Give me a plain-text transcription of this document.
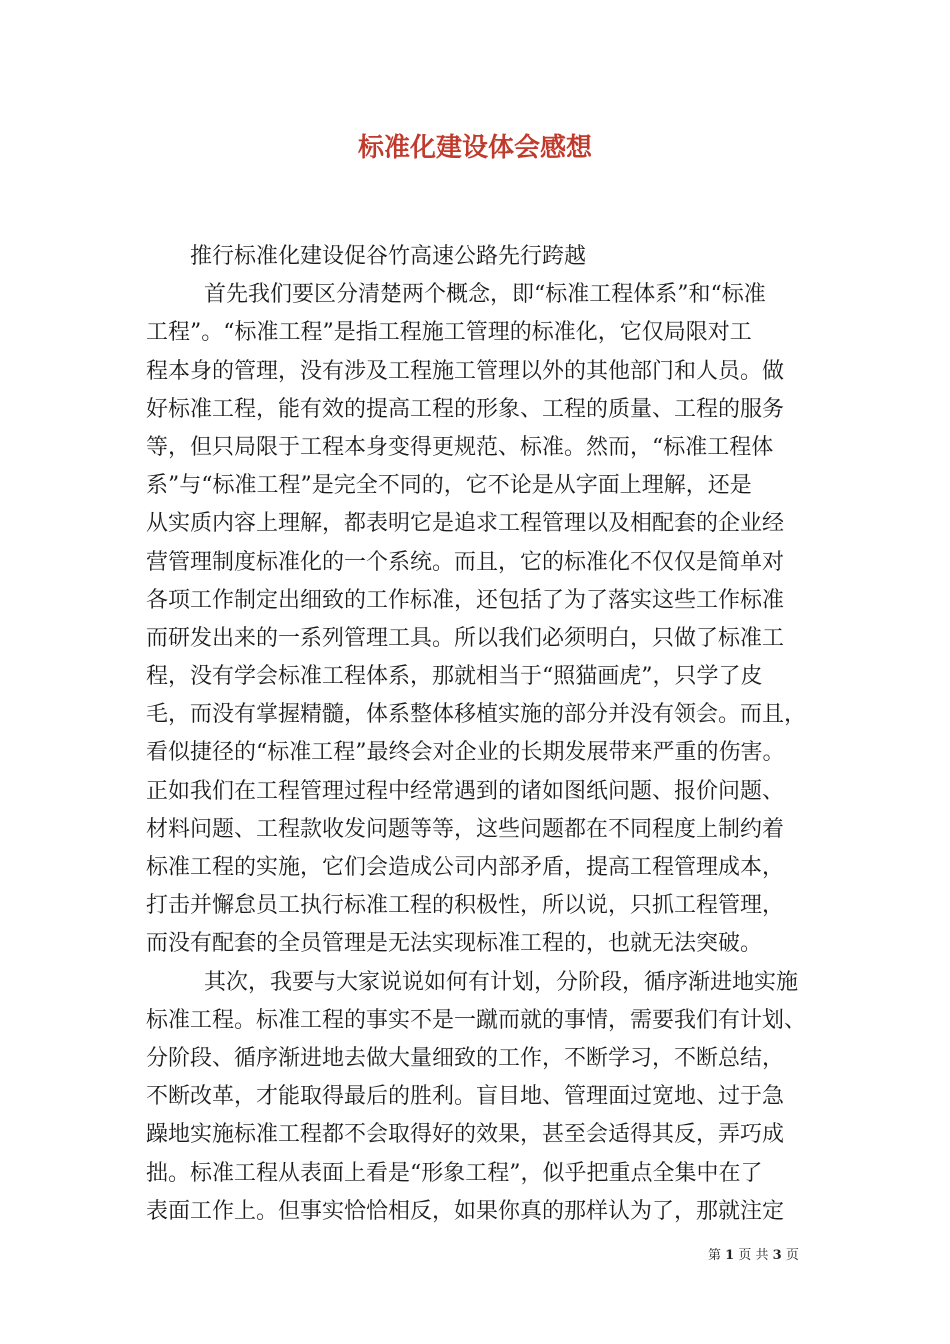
标准化建设体会感想
推行标准化建设促谷竹高速公路先行跨越
首先我们要区分清楚两个概念，即“标准工程体系”和“标准
工程”。“标准工程”是指工程施工管理的标准化，它仅局限对工
程本身的管理，没有涉及工程施工管理以外的其他部门和人员。做
好标准工程，能有效的提高工程的形象、工程的质量、工程的服务
等，但只局限于工程本身变得更规范、标准。然而，“标准工程体
系”与“标准工程”是完全不同的，它不论是从字面上理解，还是
从实质内容上理解，都表明它是追求工程管理以及相配套的企业经
营管理制度标准化的一个系统。而且，它的标准化不仅仅是简单对
各项工作制定出细致的工作标准，还包括了为了落实这些工作标准
而研发出来的一系列管理工具。所以我们必须明白，只做了标准工
程，没有学会标准工程体系，那就相当于“照猫画虎”，只学了皮
毛，而没有掌握精髓，体系整体移植实施的部分并没有领会。而且，
看似捷径的“标准工程”最终会对企业的长期发展带来严重的伤害。
正如我们在工程管理过程中经常遇到的诸如图纸问题、报价问题、
材料问题、工程款收发问题等等，这些问题都在不同程度上制约着
标准工程的实施，它们会造成公司内部矛盾，提高工程管理成本，
打击并懈怠员工执行标准工程的积极性，所以说，只抓工程管理，
而没有配套的全员管理是无法实现标准工程的，也就无法突破。
其次，我要与大家说说如何有计划，分阶段，循序渐进地实施
标准工程。标准工程的事实不是一蹴而就的事情，需要我们有计划、
分阶段、循序渐进地去做大量细致的工作，不断学习，不断总结，
不断改革，才能取得最后的胜利。盲目地、管理面过宽地、过于急
躁地实施标准工程都不会取得好的效果，甚至会适得其反，弄巧成
拙。标准工程从表面上看是“形象工程”，似乎把重点全集中在了
表面工作上。但事实恰恰相反，如果你真的那样认为了，那就注定
第 1 页 共 3 页
